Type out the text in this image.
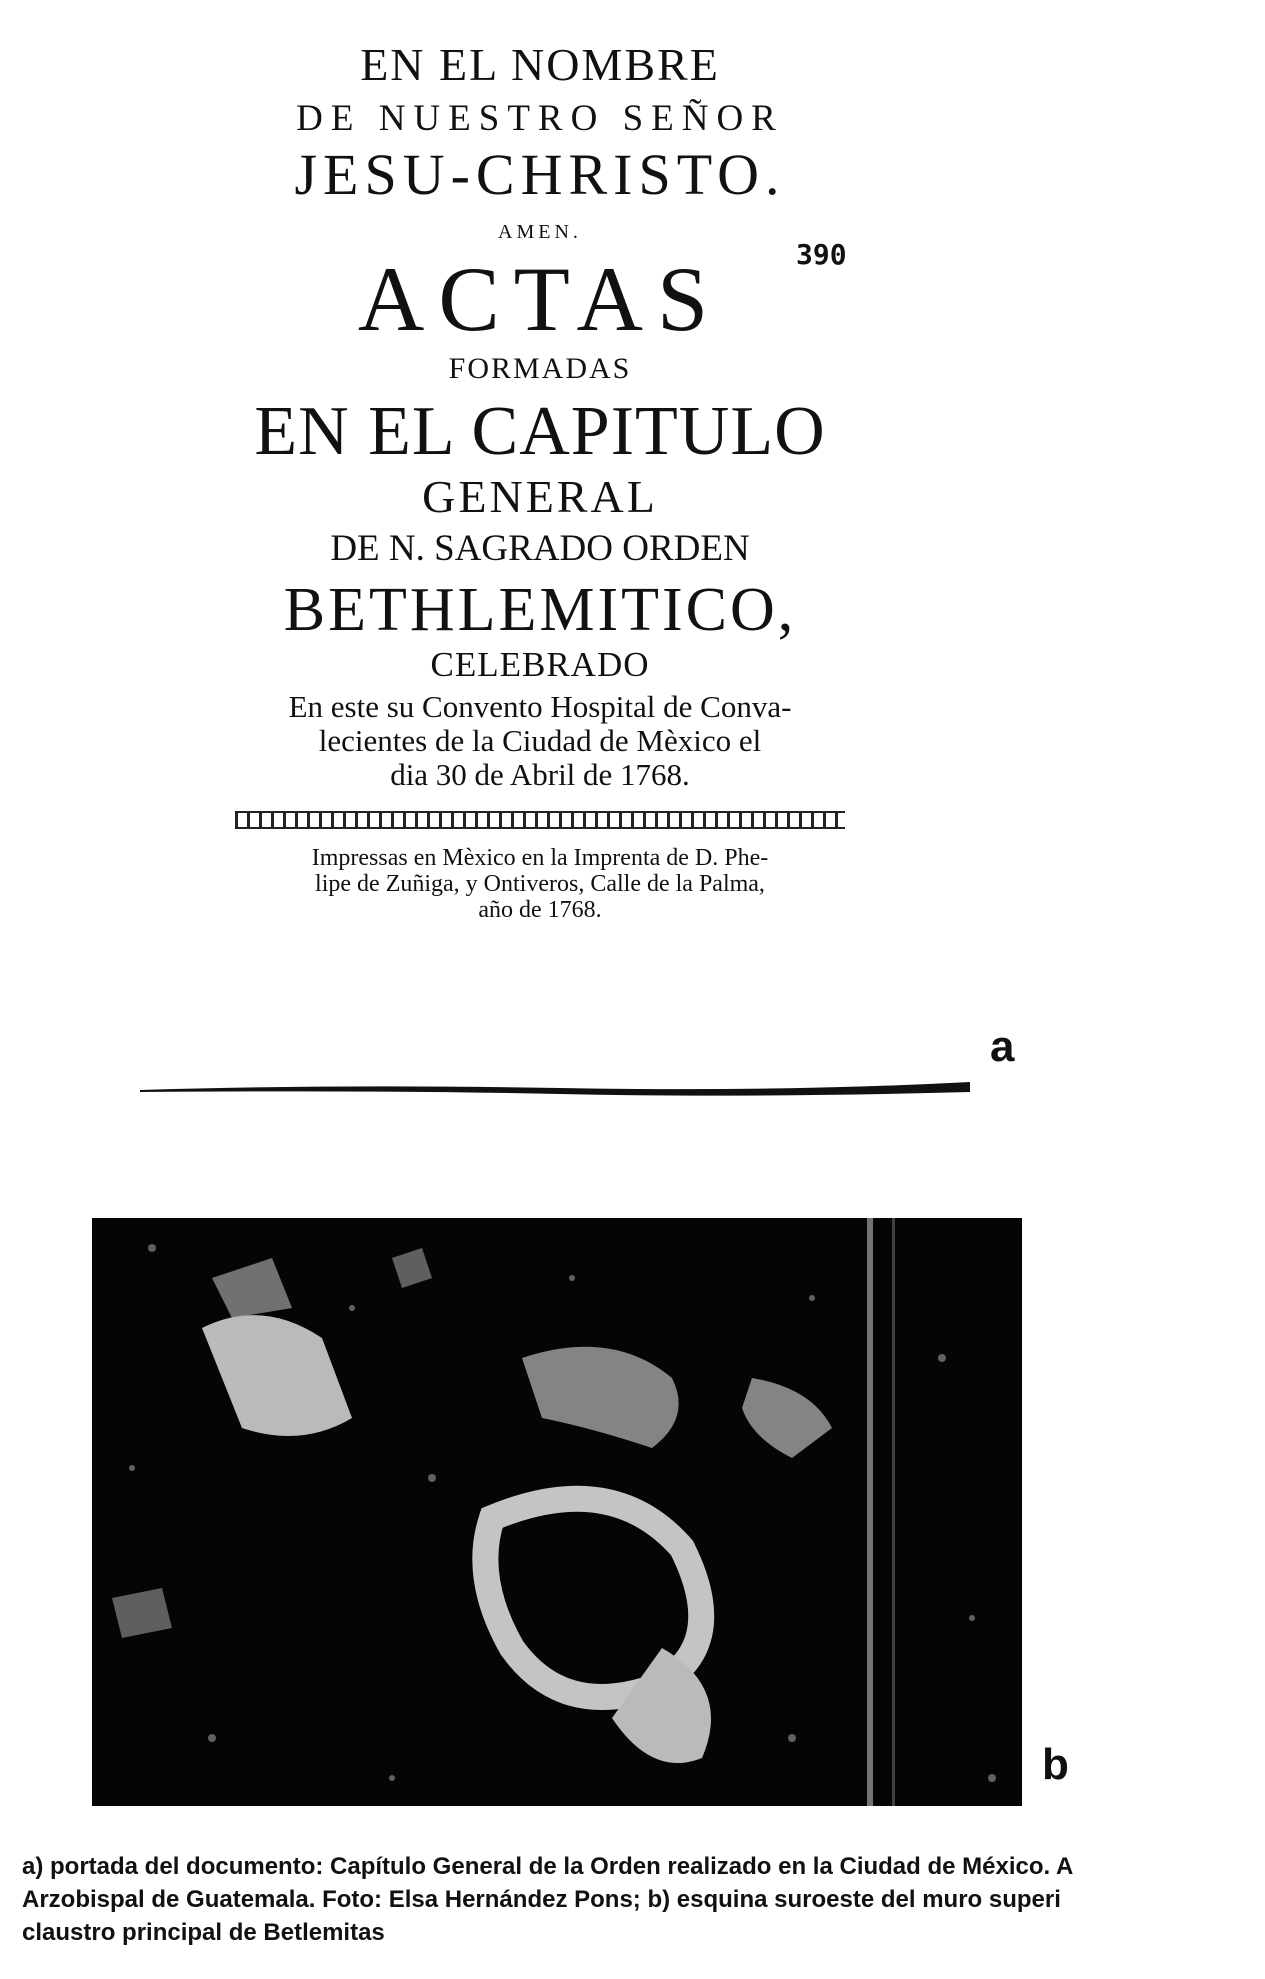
EN EL NOMBRE
DE NUESTRO SEÑOR
JESU-CHRISTO.
AMEN.
ACTAS
FORMADAS
EN EL CAPITULO
GENERAL
DE N. SAGRADO ORDEN
BETHLEMITICO,
CELEBRADO
En este su Convento Hospital de Conva-
lecientes de la Ciudad de Mèxico el
dia 30 de Abril de 1768.
Impressas en Mèxico en la Imprenta de D. Phe-
lipe de Zuñiga, y Ontiveros, Calle de la Palma,
año de 1768.
390
a
b
a) portada del documento: Capítulo General de la Orden realizado en la Ciudad de México. A
Arzobispal de Guatemala. Foto: Elsa Hernández Pons; b) esquina suroeste del muro superi
claustro principal de Betlemitas
